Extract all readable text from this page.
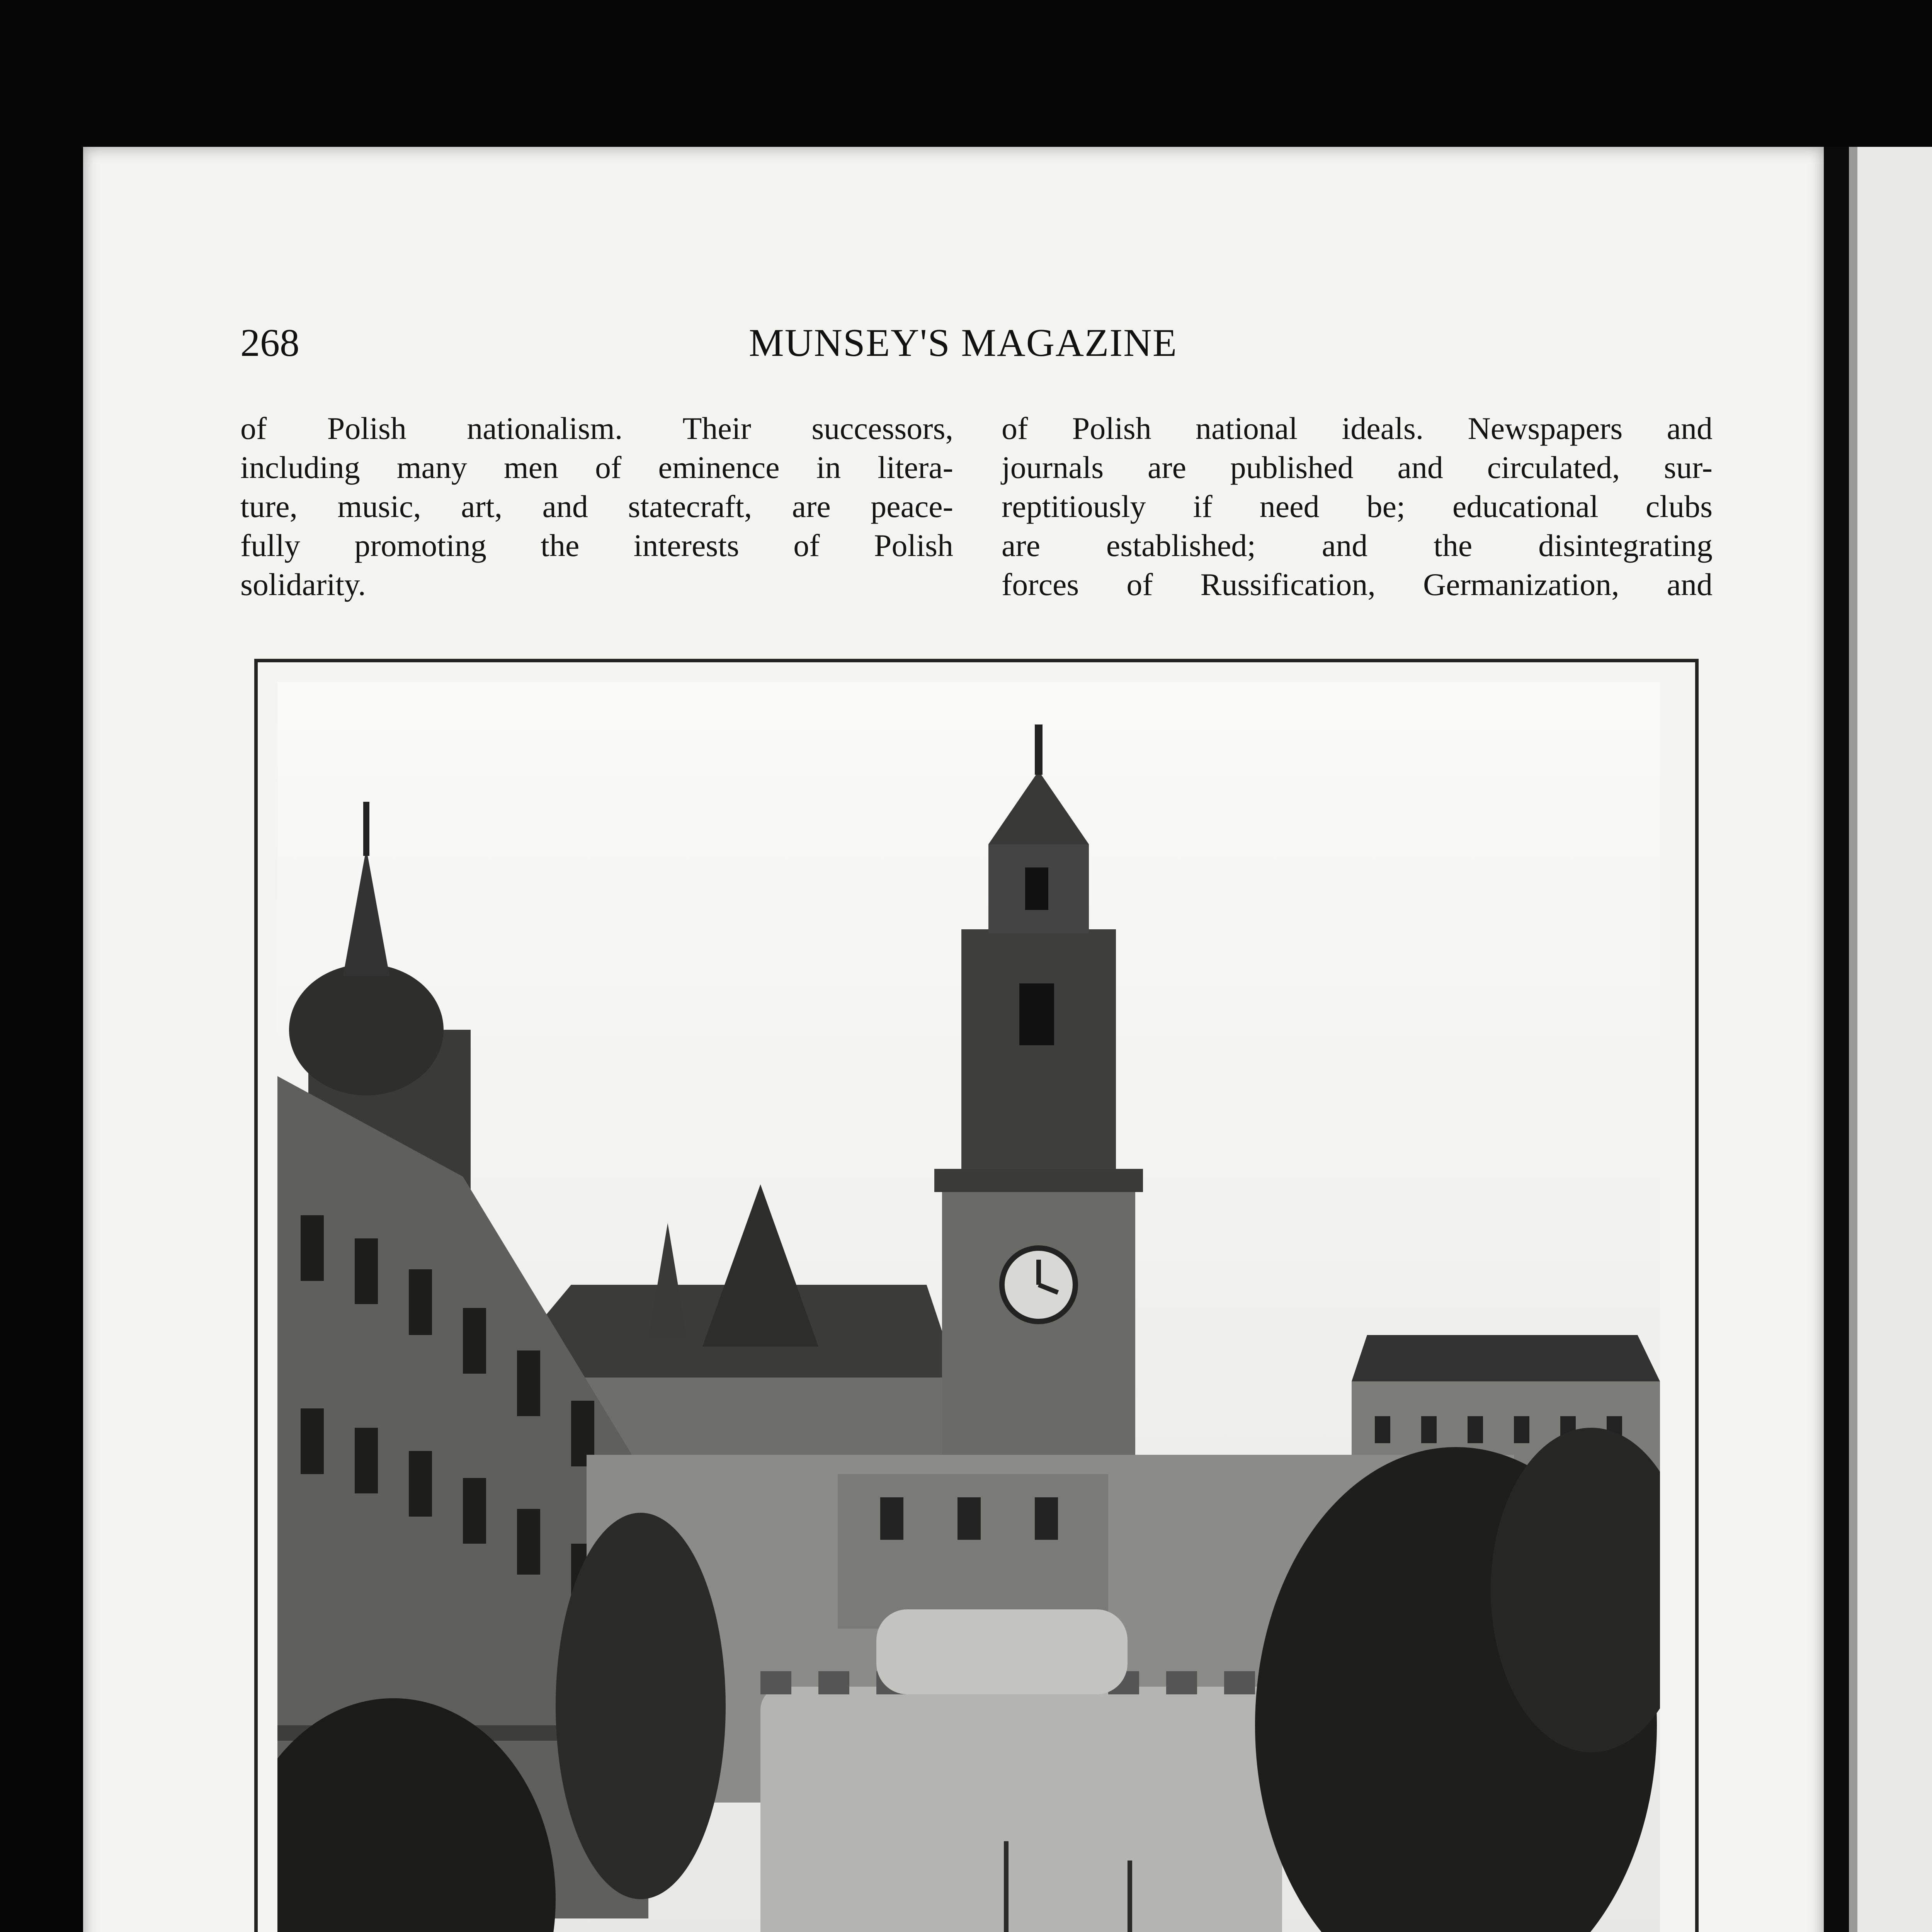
268	MUNSEY'S MAGAZINE
of Polish nationalism. Their successors,
including many men of eminence in litera-
ture, music, art, and statecraft, are peace-
fully promoting the interests of Polish
solidarity.
of Polish national ideals. Newspapers and
journals are published and circulated, sur-
reptitiously if need be; educational clubs
are established; and the disintegrating
forces of Russification, Germanization, and
